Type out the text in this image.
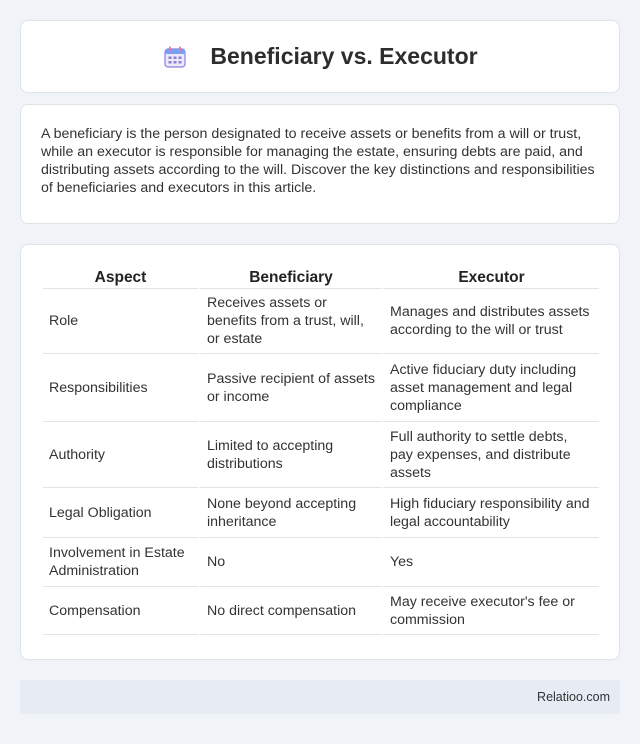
Beneficiary vs. Executor

A beneficiary is the person designated to receive assets or benefits from a will or trust, while an executor is responsible for managing the estate, ensuring debts are paid, and distributing assets according to the will. Discover the key distinctions and responsibilities of beneficiaries and executors in this article.

Aspect	Beneficiary	Executor
Role	Receives assets or benefits from a trust, will, or estate	Manages and distributes assets according to the will or trust
Responsibilities	Passive recipient of assets or income	Active fiduciary duty including asset management and legal compliance
Authority	Limited to accepting distributions	Full authority to settle debts, pay expenses, and distribute assets
Legal Obligation	None beyond accepting inheritance	High fiduciary responsibility and legal accountability
Involvement in Estate Administration	No	Yes
Compensation	No direct compensation	May receive executor's fee or commission
Relatioo.com
